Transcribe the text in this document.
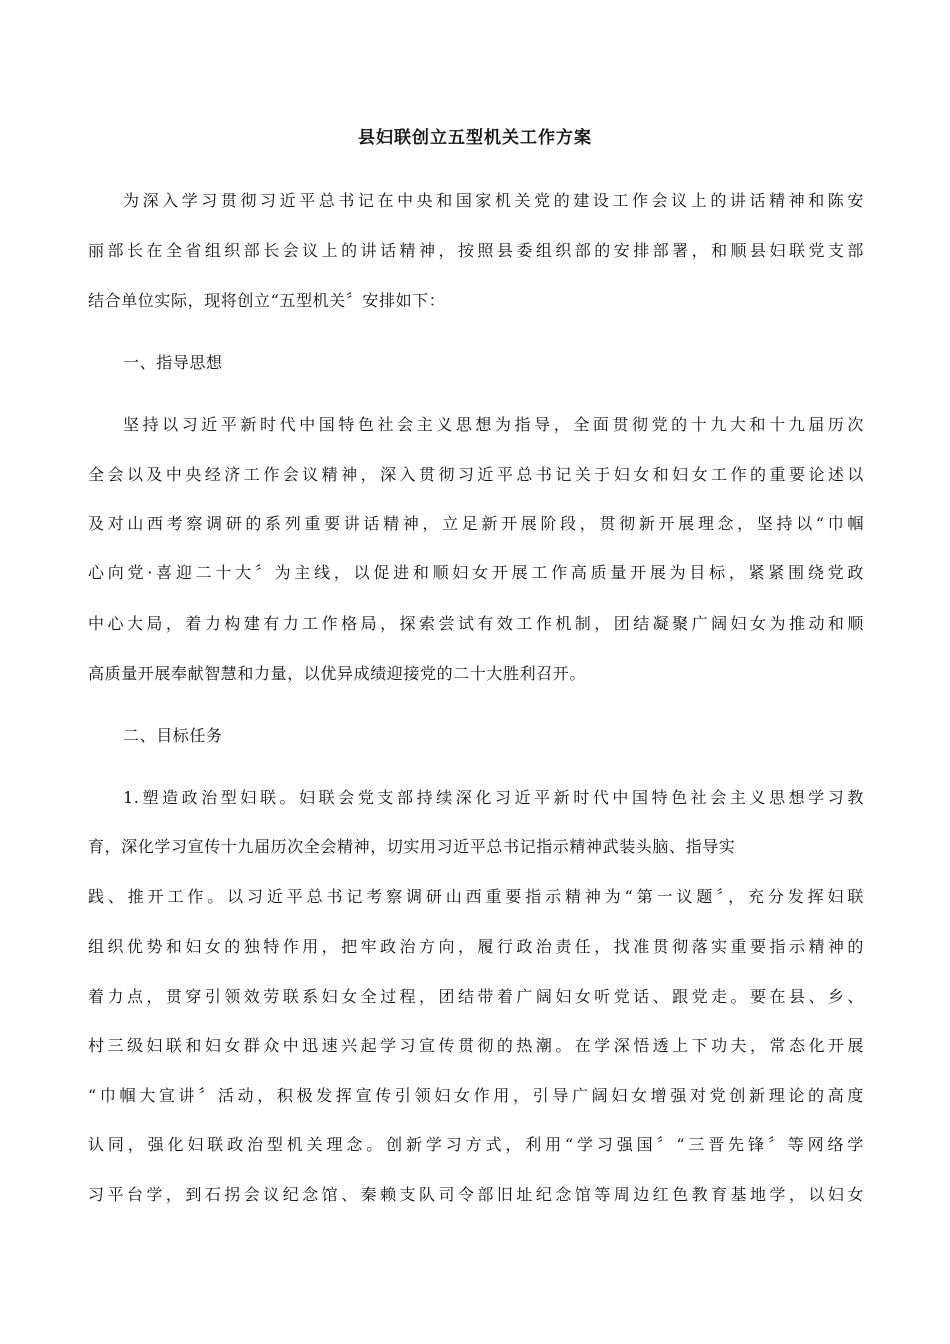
县妇联创立五型机关工作方案
为深入学习贯彻习近平总书记在中央和国家机关党的建设工作会议上的讲话精神和陈安
丽部长在全省组织部长会议上的讲话精神，按照县委组织部的安排部署，和顺县妇联党支部
结合单位实际，现将创立“五型机关〞安排如下：
一、指导思想
坚持以习近平新时代中国特色社会主义思想为指导，全面贯彻党的十九大和十九届历次
全会以及中央经济工作会议精神，深入贯彻习近平总书记关于妇女和妇女工作的重要论述以
及对山西考察调研的系列重要讲话精神，立足新开展阶段，贯彻新开展理念，坚持以“巾帼
心向党·喜迎二十大〞为主线，以促进和顺妇女开展工作高质量开展为目标，紧紧围绕党政
中心大局，着力构建有力工作格局，探索尝试有效工作机制，团结凝聚广阔妇女为推动和顺
高质量开展奉献智慧和力量，以优异成绩迎接党的二十大胜利召开。
二、目标任务
1.塑造政治型妇联。妇联会党支部持续深化习近平新时代中国特色社会主义思想学习教
育，深化学习宣传十九届历次全会精神，切实用习近平总书记指示精神武装头脑、指导实
践、推开工作。以习近平总书记考察调研山西重要指示精神为“第一议题〞，充分发挥妇联
组织优势和妇女的独特作用，把牢政治方向，履行政治责任，找准贯彻落实重要指示精神的
着力点，贯穿引领效劳联系妇女全过程，团结带着广阔妇女听党话、跟党走。要在县、乡、
村三级妇联和妇女群众中迅速兴起学习宣传贯彻的热潮。在学深悟透上下功夫，常态化开展
“巾帼大宣讲〞活动，积极发挥宣传引领妇女作用，引导广阔妇女增强对党创新理论的高度
认同，强化妇联政治型机关理念。创新学习方式，利用“学习强国〞“三晋先锋〞等网络学
习平台学，到石拐会议纪念馆、秦赖支队司令部旧址纪念馆等周边红色教育基地学，以妇女
